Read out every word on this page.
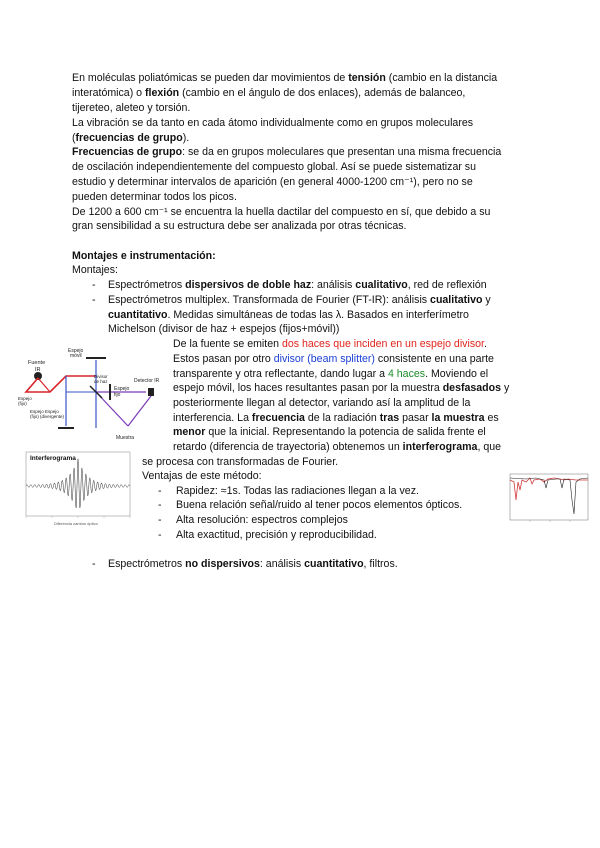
En moléculas poliatómicas se pueden dar movimientos de tensión (cambio en la distancia
interatómica) o flexión (cambio en el ángulo de dos enlaces), además de balanceo,
tijereteo, aleteo y torsión.
La vibración se da tanto en cada átomo individualmente como en grupos moleculares
(frecuencias de grupo).
Frecuencias de grupo: se da en grupos moleculares que presentan una misma frecuencia
de oscilación independientemente del compuesto global. Así se puede sistematizar su
estudio y determinar intervalos de aparición (en general 4000-1200 cm⁻¹), pero no se
pueden determinar todos los picos.
De 1200 a 600 cm⁻¹ se encuentra la huella dactilar del compuesto en sí, que debido a su
gran sensibilidad a su estructura debe ser analizada por otras técnicas.
Montajes e instrumentación:
Montajes:
- Espectrómetros dispersivos de doble haz: análisis cualitativo, red de reflexión
- Espectrómetros multiplex. Transformada de Fourier (FT-IR): análisis cualitativo y
cuantitativo. Medidas simultáneas de todas las λ. Basados en interferímetro
Michelson (divisor de haz + espejos (fijos+móvil))
De la fuente se emiten dos haces que inciden en un espejo divisor.
Estos pasan por otro divisor (beam splitter) consistente en una parte
transparente y otra reflectante, dando lugar a 4 haces. Moviendo el
espejo móvil, los haces resultantes pasan por la muestra desfasados y
posteriormente llegan al detector, variando así la amplitud de la
interferencia. La frecuencia de la radiación tras pasar la muestra es
menor que la inicial. Representando la potencia de salida frente el
retardo (diferencia de trayectoria) obtenemos un interferograma, que
se procesa con transformadas de Fourier.
Ventajas de este método:
- Rapidez: ≈1s. Todas las radiaciones llegan a la vez.
- Buena relación señal/ruido al tener pocos elementos ópticos.
- Alta resolución: espectros complejos
- Alta exactitud, precisión y reproducibilidad.
- Espectrómetros no dispersivos: análisis cuantitativo, filtros.
Fuente
IR
Espejo
móvil
Divisor
de haz
Espejo
fijo
Detector IR
Espejo
(fijo)
Espejo Espejo
(fijo) (divergente)
Muestra
Interferograma
Diferencia camino óptico
